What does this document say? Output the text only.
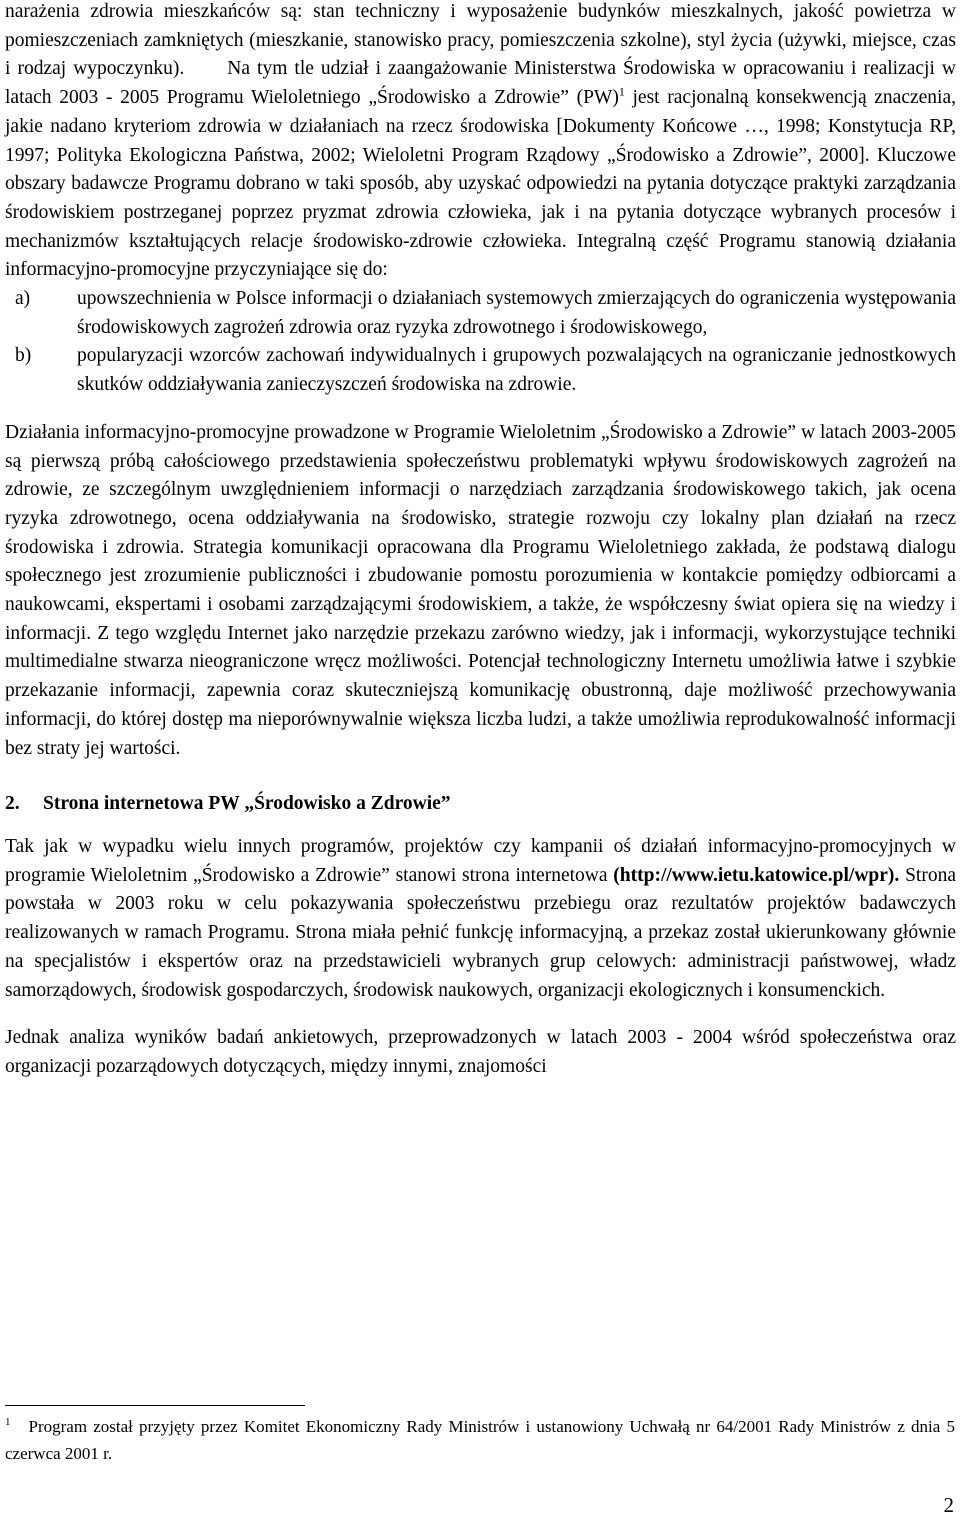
narażenia zdrowia mieszkańców są: stan techniczny i wyposażenie budynków mieszkalnych, jakość powietrza w pomieszczeniach zamkniętych (mieszkanie, stanowisko pracy, pomieszczenia szkolne), styl życia (używki, miejsce, czas i rodzaj wypoczynku). Na tym tle udział i zaangażowanie Ministerstwa Środowiska w opracowaniu i realizacji w latach 2003 - 2005 Programu Wieloletniego „Środowisko a Zdrowie” (PW)$^1$ jest racjonalną konsekwencją znaczenia, jakie nadano kryteriom zdrowia w działaniach na rzecz środowiska [Dokumenty Końcowe …, 1998; Konstytucja RP, 1997; Polityka Ekologiczna Państwa, 2002; Wieloletni Program Rządowy „Środowisko a Zdrowie”, 2000]. Kluczowe obszary badawcze Programu dobrano w taki sposób, aby uzyskać odpowiedzi na pytania dotyczące praktyki zarządzania środowiskiem postrzeganej poprzez pryzmat zdrowia człowieka, jak i na pytania dotyczące wybranych procesów i mechanizmów kształtujących relacje środowisko-zdrowie człowieka. Integralną część Programu stanowią działania informacyjno-promocyjne przyczyniające się do:

a)	upowszechnienia w Polsce informacji o działaniach systemowych zmierzających do ograniczenia występowania środowiskowych zagrożeń zdrowia oraz ryzyka zdrowotnego i środowiskowego,
b)	popularyzacji wzorców zachowań indywidualnych i grupowych pozwalających na ograniczanie jednostkowych skutków oddziaływania zanieczyszczeń środowiska na zdrowie.

Działania informacyjno-promocyjne prowadzone w Programie Wieloletnim „Środowisko a Zdrowie” w latach 2003-2005 są pierwszą próbą całościowego przedstawienia społeczeństwu problematyki wpływu środowiskowych zagrożeń na zdrowie, ze szczególnym uwzględnieniem informacji o narzędziach zarządzania środowiskowego takich, jak ocena ryzyka zdrowotnego, ocena oddziaływania na środowisko, strategie rozwoju czy lokalny plan działań na rzecz środowiska i zdrowia. Strategia komunikacji opracowana dla Programu Wieloletniego zakłada, że podstawą dialogu społecznego jest zrozumienie publiczności i zbudowanie pomostu porozumienia w kontakcie pomiędzy odbiorcami a naukowcami, ekspertami i osobami zarządzającymi środowiskiem, a także, że współczesny świat opiera się na wiedzy i informacji. Z tego względu Internet jako narzędzie przekazu zarówno wiedzy, jak i informacji, wykorzystujące techniki multimedialne stwarza nieograniczone wręcz możliwości. Potencjał technologiczny Internetu umożliwia łatwe i szybkie przekazanie informacji, zapewnia coraz skuteczniejszą komunikację obustronną, daje możliwość przechowywania informacji, do której dostęp ma nieporównywalnie większa liczba ludzi, a także umożliwia reprodukowalność informacji bez straty jej wartości.

2.	Strona internetowa PW „Środowisko a Zdrowie”

Tak jak w wypadku wielu innych programów, projektów czy kampanii oś działań informacyjno-promocyjnych w programie Wieloletnim „Środowisko a Zdrowie” stanowi strona internetowa (http://www.ietu.katowice.pl/wpr). Strona powstała w 2003 roku w celu pokazywania społeczeństwu przebiegu oraz rezultatów projektów badawczych realizowanych w ramach Programu. Strona miała pełnić funkcję informacyjną, a przekaz został ukierunkowany głównie na specjalistów i ekspertów oraz na przedstawicieli wybranych grup celowych: administracji państwowej, władz samorządowych, środowisk gospodarczych, środowisk naukowych, organizacji ekologicznych i konsumenckich.

Jednak analiza wyników badań ankietowych, przeprowadzonych w latach 2003 - 2004 wśród społeczeństwa oraz organizacji pozarządowych dotyczących, między innymi, znajomości

$^1$ Program został przyjęty przez Komitet Ekonomiczny Rady Ministrów i ustanowiony Uchwałą nr 64/2001 Rady Ministrów z dnia 5 czerwca 2001 r.
2
